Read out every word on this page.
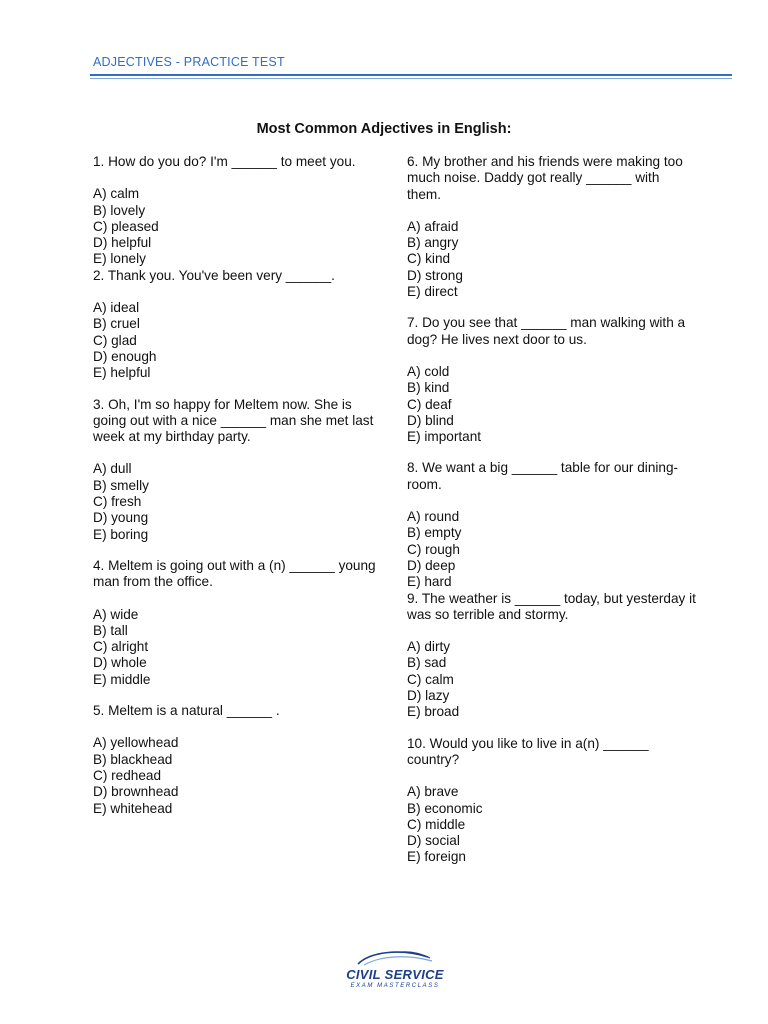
ADJECTIVES - PRACTICE TEST
Most Common Adjectives in English:

1. How do you do? I'm ______ to meet you.

A) calm

B) lovely

C) pleased

D) helpful

E) lonely

2. Thank you. You've been very ______.

A) ideal

B) cruel

C) glad

D) enough

E) helpful

3. Oh, I'm so happy for Meltem now. She is going out with a nice ______ man she met last week at my birthday party.

A) dull

B) smelly

C) fresh

D) young

E) boring

4. Meltem is going out with a (n) ______ young man from the office.

A) wide

B) tall

C) alright

D) whole

E) middle

5. Meltem is a natural ______ .

A) yellowhead

B) blackhead

C) redhead

D) brownhead

E) whitehead

6. My brother and his friends were making too much noise. Daddy got really ______ with them.

A) afraid

B) angry

C) kind

D) strong

E) direct

7. Do you see that ______ man walking with a dog? He lives next door to us.

A) cold

B) kind

C) deaf

D) blind

E) important

8. We want a big ______ table for our dining-room.

A) round

B) empty

C) rough

D) deep

E) hard

9. The weather is ______ today, but yesterday it was so terrible and stormy.

A) dirty

B) sad

C) calm

D) lazy

E) broad

10. Would you like to live in a(n) ______ country?

A) brave

B) economic

C) middle

D) social

E) foreign

CIVIL SERVICE
EXAM MASTERCLASS
